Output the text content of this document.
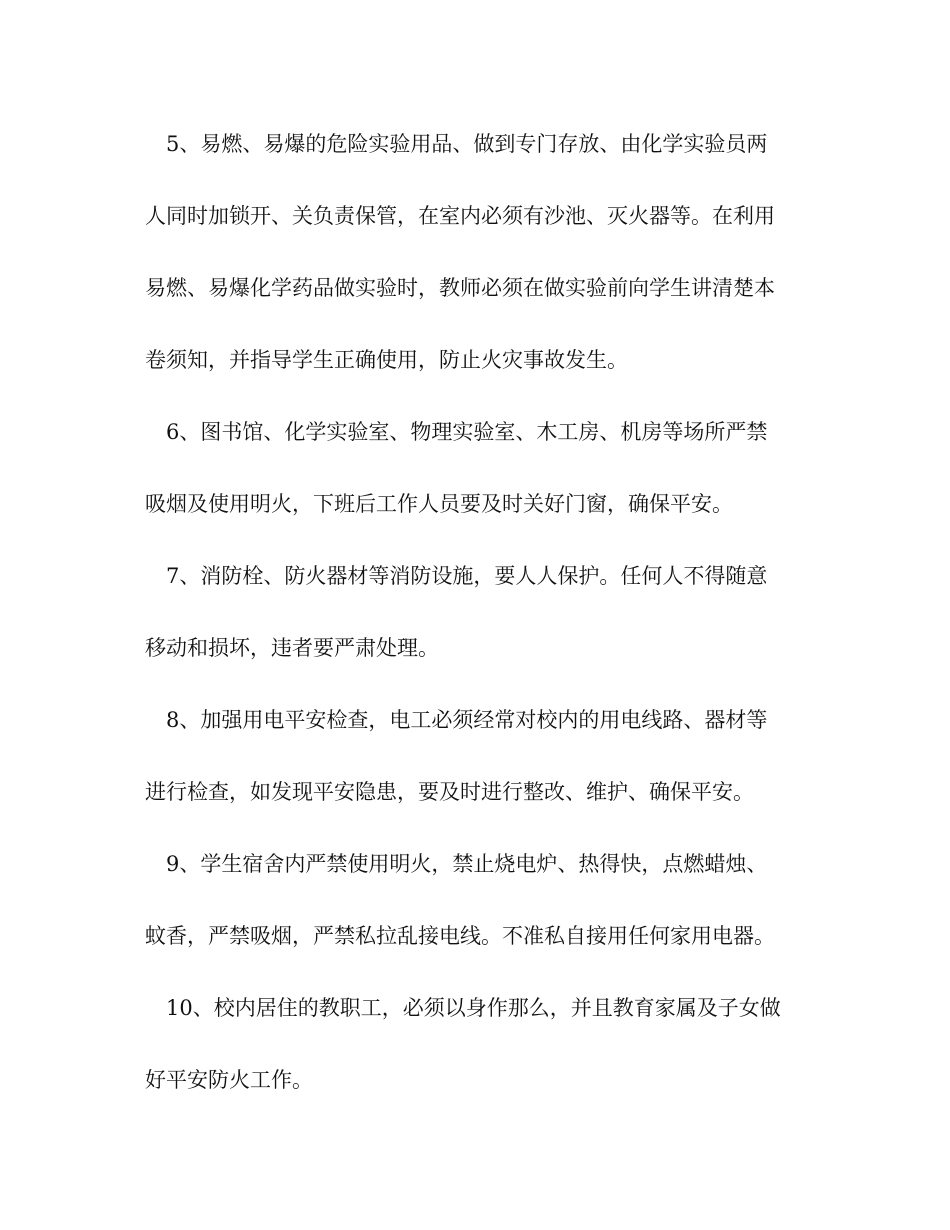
5、易燃、易爆的危险实验用品、做到专门存放、由化学实验员两
人同时加锁开、关负责保管，在室内必须有沙池、灭火器等。在利用
易燃、易爆化学药品做实验时，教师必须在做实验前向学生讲清楚本
卷须知，并指导学生正确使用，防止火灾事故发生。
6、图书馆、化学实验室、物理实验室、木工房、机房等场所严禁
吸烟及使用明火，下班后工作人员要及时关好门窗，确保平安。
7、消防栓、防火器材等消防设施，要人人保护。任何人不得随意
移动和损坏，违者要严肃处理。
8、加强用电平安检查，电工必须经常对校内的用电线路、器材等
进行检查，如发现平安隐患，要及时进行整改、维护、确保平安。
9、学生宿舍内严禁使用明火，禁止烧电炉、热得快，点燃蜡烛、
蚊香，严禁吸烟，严禁私拉乱接电线。不准私自接用任何家用电器。
10、校内居住的教职工，必须以身作那么，并且教育家属及子女做
好平安防火工作。
